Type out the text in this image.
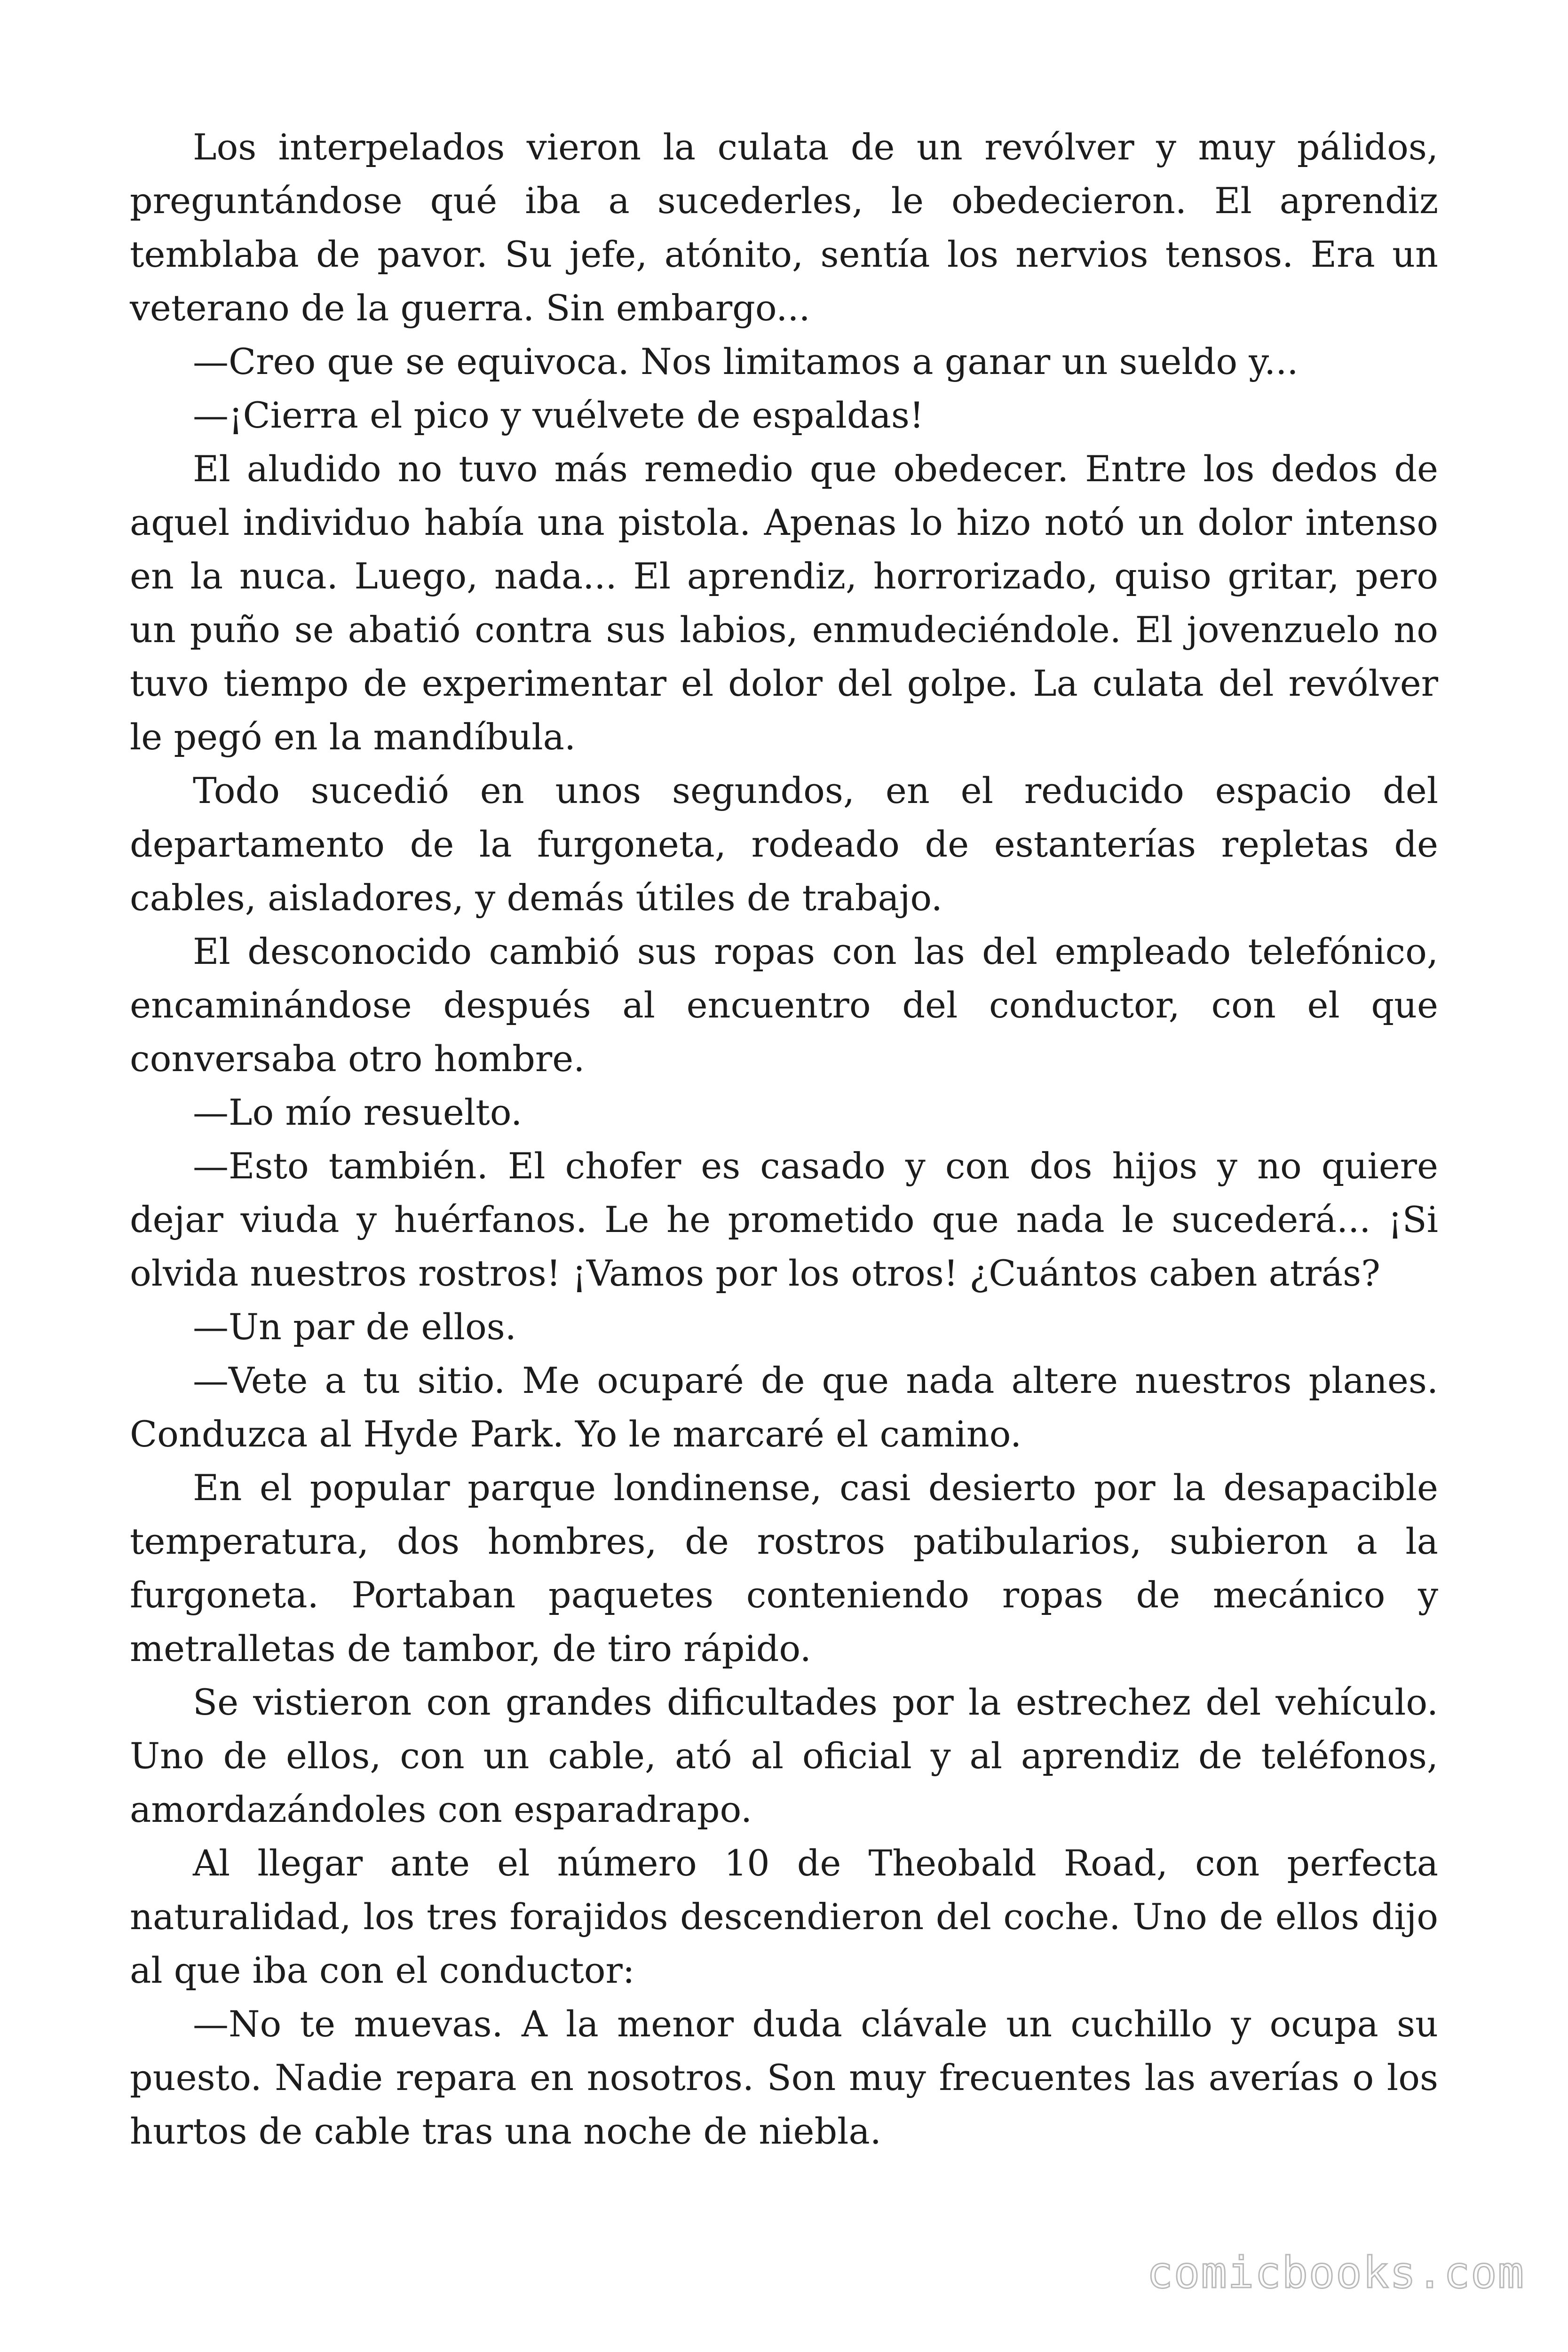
Los interpelados vieron la culata de un revólver y muy pálidos, preguntándose qué iba a sucederles, le obedecieron. El aprendiz temblaba de pavor. Su jefe, atónito, sentía los nervios tensos. Era un veterano de la guerra. Sin embargo...

—Creo que se equivoca. Nos limitamos a ganar un sueldo y...

—¡Cierra el pico y vuélvete de espaldas!

El aludido no tuvo más remedio que obedecer. Entre los dedos de aquel individuo había una pistola. Apenas lo hizo notó un dolor intenso en la nuca. Luego, nada... El aprendiz, horrorizado, quiso gritar, pero un puño se abatió contra sus labios, enmudeciéndole. El jovenzuelo no tuvo tiempo de experimentar el dolor del golpe. La culata del revólver le pegó en la mandíbula.

Todo sucedió en unos segundos, en el reducido espacio del departamento de la furgoneta, rodeado de estanterías repletas de cables, aisladores, y demás útiles de trabajo.

El desconocido cambió sus ropas con las del empleado telefónico, encaminándose después al encuentro del conductor, con el que conversaba otro hombre.

—Lo mío resuelto.

—Esto también. El chofer es casado y con dos hijos y no quiere dejar viuda y huérfanos. Le he prometido que nada le sucederá... ¡Si olvida nuestros rostros! ¡Vamos por los otros! ¿Cuántos caben atrás?

—Un par de ellos.

—Vete a tu sitio. Me ocuparé de que nada altere nuestros planes. Conduzca al Hyde Park. Yo le marcaré el camino.

En el popular parque londinense, casi desierto por la desapacible temperatura, dos hombres, de rostros patibularios, subieron a la furgoneta. Portaban paquetes conteniendo ropas de mecánico y metralletas de tambor, de tiro rápido.

Se vistieron con grandes dificultades por la estrechez del vehículo. Uno de ellos, con un cable, ató al oficial y al aprendiz de teléfonos, amordazándoles con esparadrapo.

Al llegar ante el número 10 de Theobald Road, con perfecta naturalidad, los tres forajidos descendieron del coche. Uno de ellos dijo al que iba con el conductor:

—No te muevas. A la menor duda clávale un cuchillo y ocupa su puesto. Nadie repara en nosotros. Son muy frecuentes las averías o los hurtos de cable tras una noche de niebla.

comicbooks.com
